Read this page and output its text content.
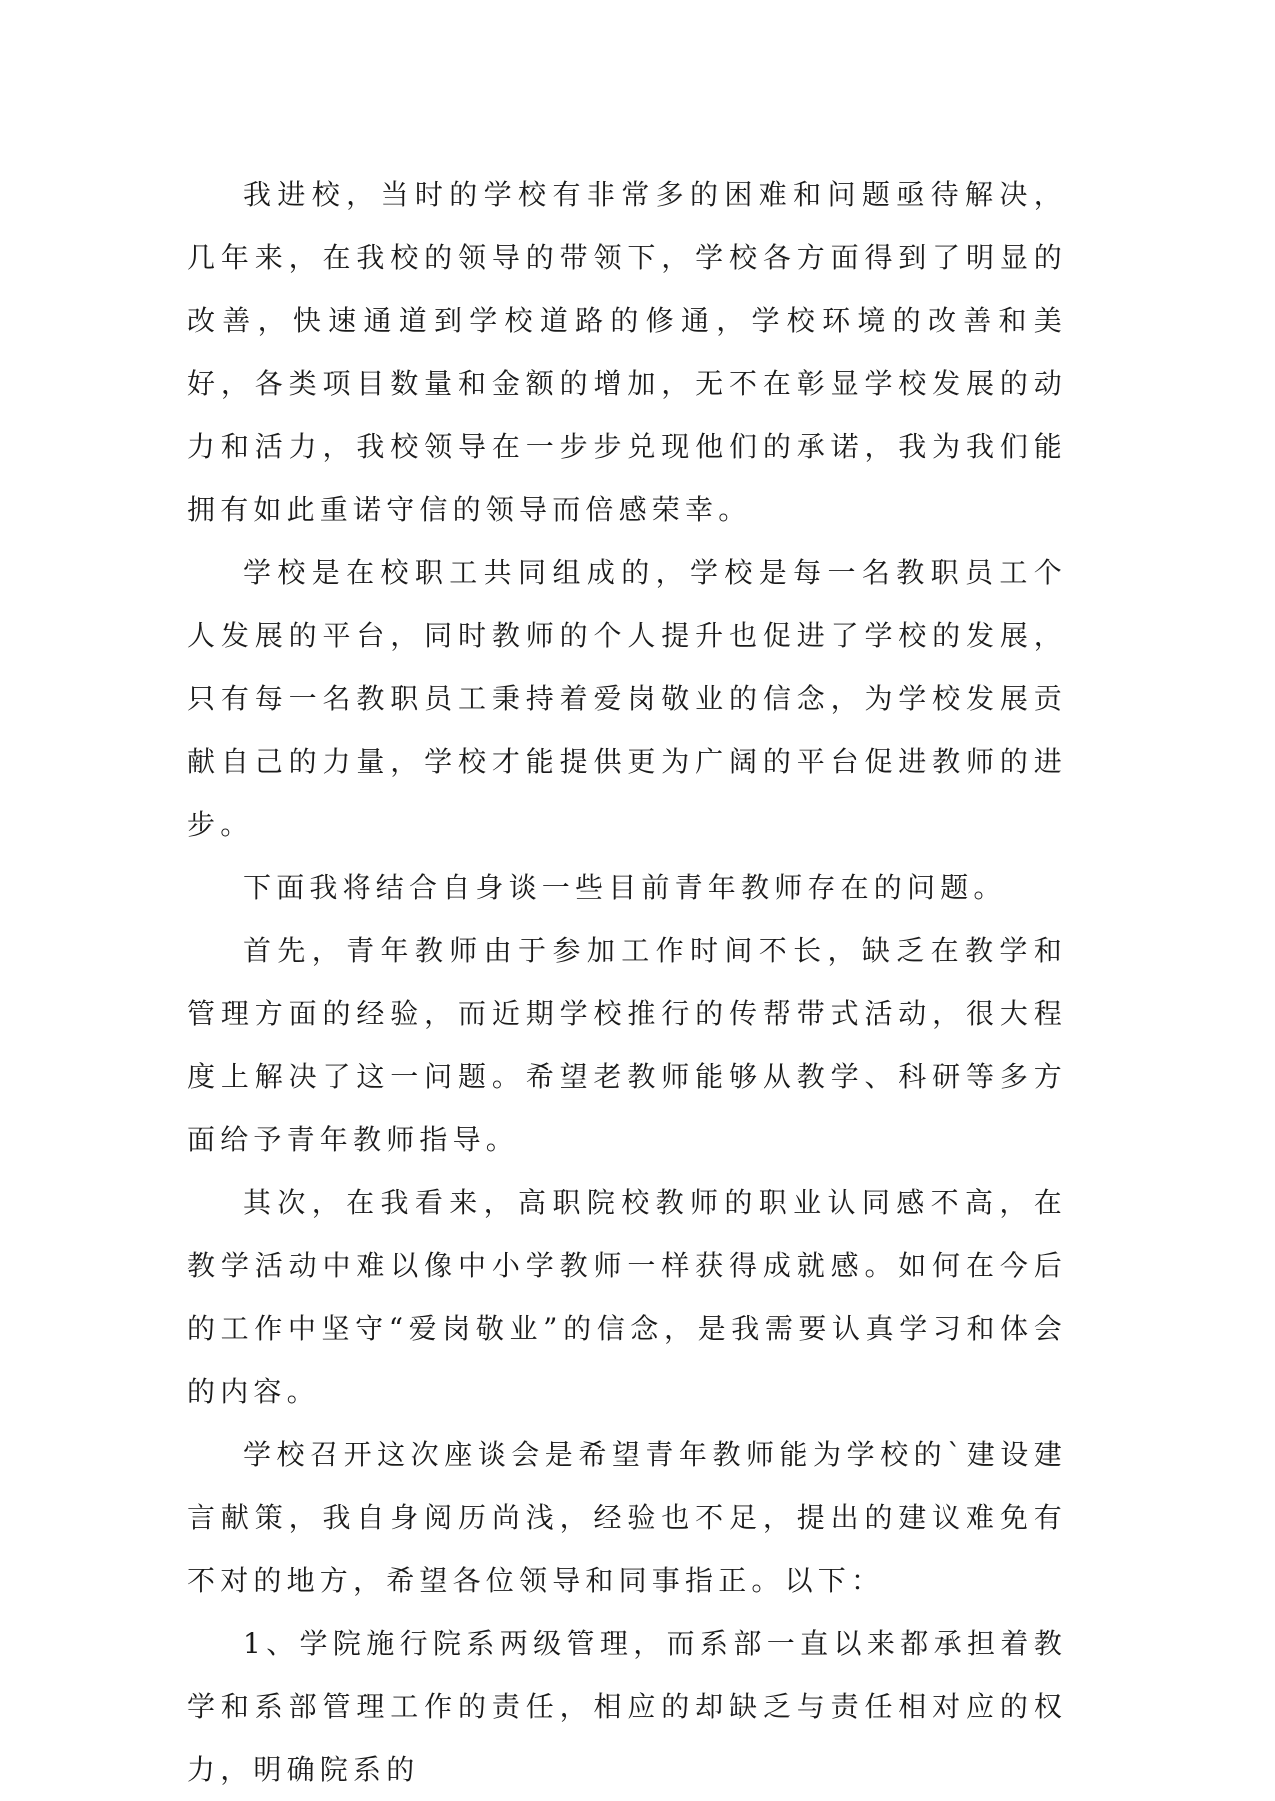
我进校，当时的学校有非常多的困难和问题亟待解决，几年来，在我校的领导的带领下，学校各方面得到了明显的改善，快速通道到学校道路的修通，学校环境的改善和美好，各类项目数量和金额的增加，无不在彰显学校发展的动力和活力，我校领导在一步步兑现他们的承诺，我为我们能拥有如此重诺守信的领导而倍感荣幸。

学校是在校职工共同组成的，学校是每一名教职员工个人发展的平台，同时教师的个人提升也促进了学校的发展，只有每一名教职员工秉持着爱岗敬业的信念，为学校发展贡献自己的力量，学校才能提供更为广阔的平台促进教师的进步。

下面我将结合自身谈一些目前青年教师存在的问题。

首先，青年教师由于参加工作时间不长，缺乏在教学和管理方面的经验，而近期学校推行的传帮带式活动，很大程度上解决了这一问题。希望老教师能够从教学、科研等多方面给予青年教师指导。

其次，在我看来，高职院校教师的职业认同感不高，在教学活动中难以像中小学教师一样获得成就感。如何在今后的工作中坚守“爱岗敬业”的信念，是我需要认真学习和体会的内容。

学校召开这次座谈会是希望青年教师能为学校的`建设建言献策，我自身阅历尚浅，经验也不足，提出的建议难免有不对的地方，希望各位领导和同事指正。以下：

1、学院施行院系两级管理，而系部一直以来都承担着教学和系部管理工作的责任，相应的却缺乏与责任相对应的权力，明确院系的
